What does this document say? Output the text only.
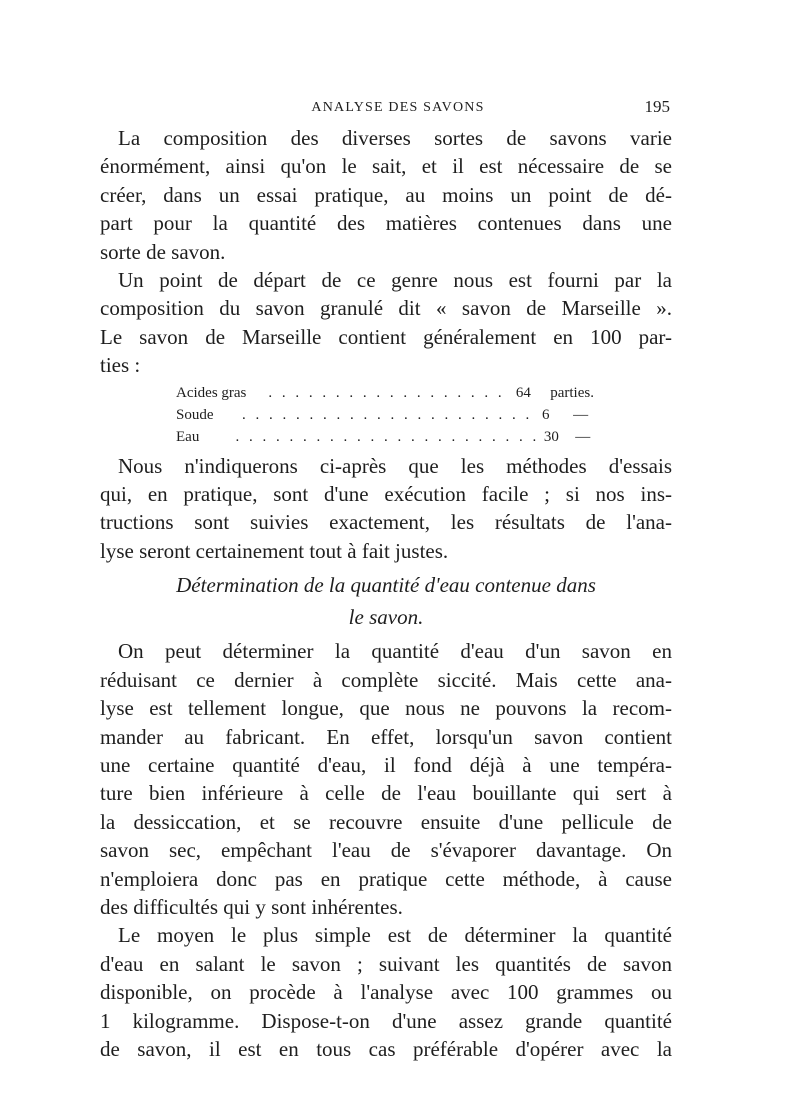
ANALYSE DES SAVONS	195
La composition des diverses sortes de savons varie
énormément, ainsi qu'on le sait, et il est nécessaire de se
créer, dans un essai pratique, au moins un point de dé-
part pour la quantité des matières contenues dans une
sorte de savon.
Un point de départ de ce genre nous est fourni par la
composition du savon granulé dit « savon de Marseille ».
Le savon de Marseille contient généralement en 100 par-
ties :
Acides gras	. . . . . . . . . . . . . . . . . . 64	parties.
Soude	. . . . . . . . . . . . . . . . . . . . . . 6	—
Eau	. . . . . . . . . . . . . . . . . . . . . . . 30	—
Nous n'indiquerons ci-après que les méthodes d'essais
qui, en pratique, sont d'une exécution facile ; si nos ins-
tructions sont suivies exactement, les résultats de l'ana-
lyse seront certainement tout à fait justes.
Détermination de la quantité d'eau contenue dans
le savon.
On peut déterminer la quantité d'eau d'un savon en
réduisant ce dernier à complète siccité. Mais cette ana-
lyse est tellement longue, que nous ne pouvons la recom-
mander au fabricant. En effet, lorsqu'un savon contient
une certaine quantité d'eau, il fond déjà à une tempéra-
ture bien inférieure à celle de l'eau bouillante qui sert à
la dessiccation, et se recouvre ensuite d'une pellicule de
savon sec, empêchant l'eau de s'évaporer davantage. On
n'emploiera donc pas en pratique cette méthode, à cause
des difficultés qui y sont inhérentes.
Le moyen le plus simple est de déterminer la quantité
d'eau en salant le savon ; suivant les quantités de savon
disponible, on procède à l'analyse avec 100 grammes ou
1 kilogramme. Dispose-t-on d'une assez grande quantité
de savon, il est en tous cas préférable d'opérer avec la
